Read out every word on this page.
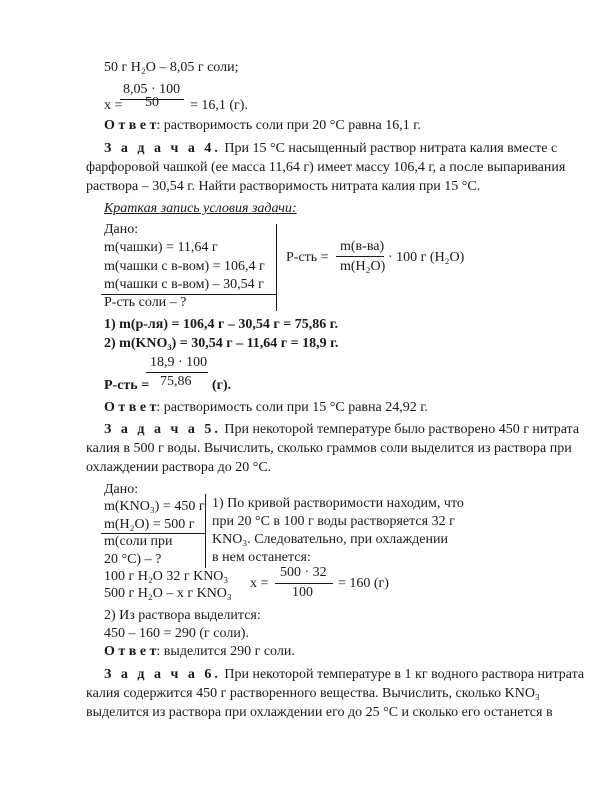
50 г H₂O – 8,05 г соли;
8,05 · 100
x = 50 = 16,1 (г).
О т в е т: растворимость соли при 20 °С равна 16,1 г.
З а д а ч а 4. При 15 °С насыщенный раствор нитрата калия вместе с
фарфоровой чашкой (ее масса 11,64 г) имеет массу 106,4 г, а после выпаривания
раствора – 30,54 г. Найти растворимость нитрата калия при 15 °С.
Краткая запись условия задачи:
Дано:
m(чашки) = 11,64 г
m(чашки с в-вом) = 106,4 г
m(чашки с в-вом) – 30,54 г
Р-сть соли – ?
Р-сть =
m(в-ва)
m(H₂O)
· 100 г (H₂O)
1) m(р-ля) = 106,4 г – 30,54 г = 75,86 г.
2) m(KNO₃) = 30,54 г – 11,64 г = 18,9 г.
18,9 · 100
Р-сть = 75,86 (г).
О т в е т: растворимость соли при 15 °С равна 24,92 г.
З а д а ч а 5. При некоторой температуре было растворено 450 г нитрата
калия в 500 г воды. Вычислить, сколько граммов соли выделится из раствора при
охлаждении раствора до 20 °С.
Дано:
m(KNO₃) = 450 г
m(H₂O) = 500 г
m(соли при
20 °С) – ?
1) По кривой растворимости находим, что
при 20 °С в 100 г воды растворяется 32 г
KNO₃. Следовательно, при охлаждении
в нем останется:
100 г H₂O 32 г KNO₃
500 г H₂O – x г KNO₃
x =
500 · 32
100
= 160 (г)
2) Из раствора выделится:
450 – 160 = 290 (г соли).
О т в е т: выделится 290 г соли.
З а д а ч а 6. При некоторой температуре в 1 кг водного раствора нитрата
калия содержится 450 г растворенного вещества. Вычислить, сколько KNO₃
выделится из раствора при охлаждении его до 25 °С и сколько его останется в
